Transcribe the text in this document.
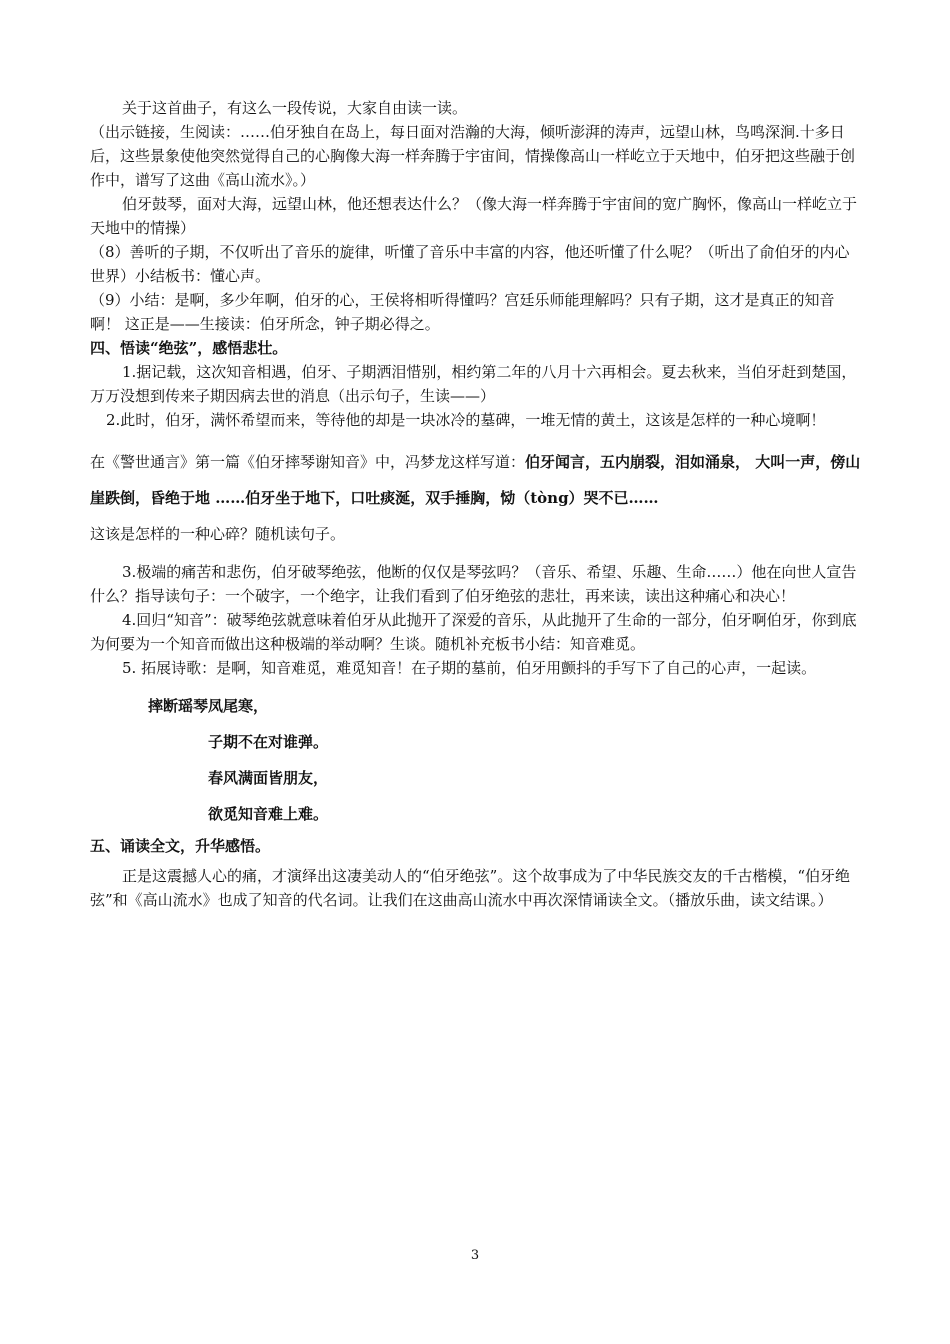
关于这首曲子，有这么一段传说，大家自由读一读。

（出示链接，生阅读：……伯牙独自在岛上，每日面对浩瀚的大海，倾听澎湃的涛声，远望山林，鸟鸣深涧.十多日后，这些景象使他突然觉得自己的心胸像大海一样奔腾于宇宙间，情操像高山一样屹立于天地中，伯牙把这些融于创作中，谱写了这曲《高山流水》。）

伯牙鼓琴，面对大海，远望山林，他还想表达什么？（像大海一样奔腾于宇宙间的宽广胸怀，像高山一样屹立于天地中的情操）

（8）善听的子期，不仅听出了音乐的旋律，听懂了音乐中丰富的内容，他还听懂了什么呢？（听出了俞伯牙的内心世界）小结板书：懂心声。

（9）小结：是啊，多少年啊，伯牙的心，王侯将相听得懂吗？宫廷乐师能理解吗？只有子期，这才是真正的知音啊！ 这正是——生接读：伯牙所念，钟子期必得之。

四、悟读“绝弦”，感悟悲壮。

1.据记载，这次知音相遇，伯牙、子期洒泪惜别，相约第二年的八月十六再相会。夏去秋来，当伯牙赶到楚国，万万没想到传来子期因病去世的消息（出示句子，生读——）

2.此时，伯牙，满怀希望而来，等待他的却是一块冰冷的墓碑，一堆无情的黄土，这该是怎样的一种心境啊！

在《警世通言》第一篇《伯牙摔琴谢知音》中，冯梦龙这样写道：伯牙闻言，五内崩裂，泪如涌泉， 大叫一声，傍山崖跌倒，昏绝于地 ……伯牙坐于地下，口吐痰涎，双手捶胸，恸（tòng）哭不已……

这该是怎样的一种心碎？随机读句子。

3.极端的痛苦和悲伤，伯牙破琴绝弦，他断的仅仅是琴弦吗？（音乐、希望、乐趣、生命……）他在向世人宣告什么？指导读句子：一个破字，一个绝字，让我们看到了伯牙绝弦的悲壮，再来读，读出这种痛心和决心！

4.回归“知音”：破琴绝弦就意味着伯牙从此抛开了深爱的音乐，从此抛开了生命的一部分，伯牙啊伯牙，你到底为何要为一个知音而做出这种极端的举动啊？生谈。随机补充板书小结：知音难觅。

5. 拓展诗歌：是啊，知音难觅，难觅知音！在子期的墓前，伯牙用颤抖的手写下了自己的心声，一起读。

摔断瑶琴凤尾寒，

子期不在对谁弹。

春风满面皆朋友，

欲觅知音难上难。

五、诵读全文，升华感悟。

正是这震撼人心的痛，才演绎出这凄美动人的“伯牙绝弦”。这个故事成为了中华民族交友的千古楷模，“伯牙绝弦”和《高山流水》也成了知音的代名词。让我们在这曲高山流水中再次深情诵读全文。（播放乐曲，读文结课。）

3
